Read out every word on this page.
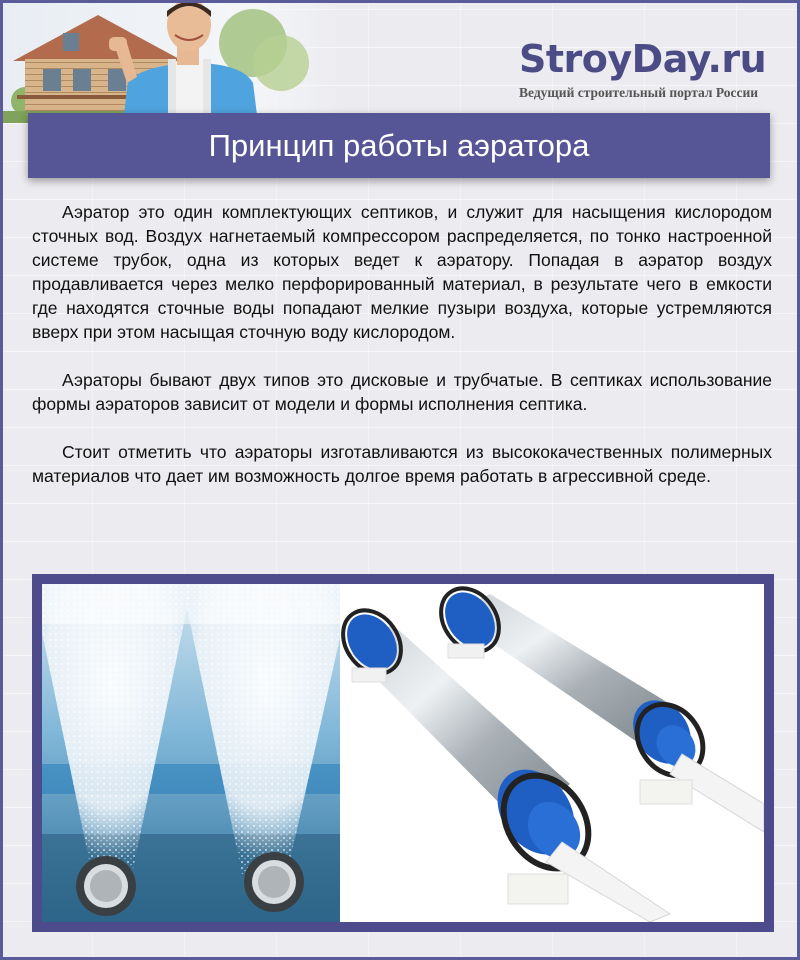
StroyDay.ru
Ведущий строительный портал России
Принцип работы аэратора

Аэратор это один комплектующих септиков, и служит для насыщения кислородом сточных вод. Воздух нагнетаемый компрессором распределяется, по тонко настроенной системе трубок, одна из которых ведет к аэратору. Попадая в аэратор воздух продавливается через мелко перфорированный материал, в результате чего в емкости где находятся сточные воды попадают мелкие пузыри воздуха, которые устремляются вверх при этом насыщая сточную воду кислородом.

Аэраторы бывают двух типов это дисковые и трубчатые. В септиках использование формы аэраторов зависит от модели и формы исполнения септика.

Стоит отметить что аэраторы изготавливаются из высококачественных полимерных материалов что дает им возможность долгое время работать в агрессивной среде.
